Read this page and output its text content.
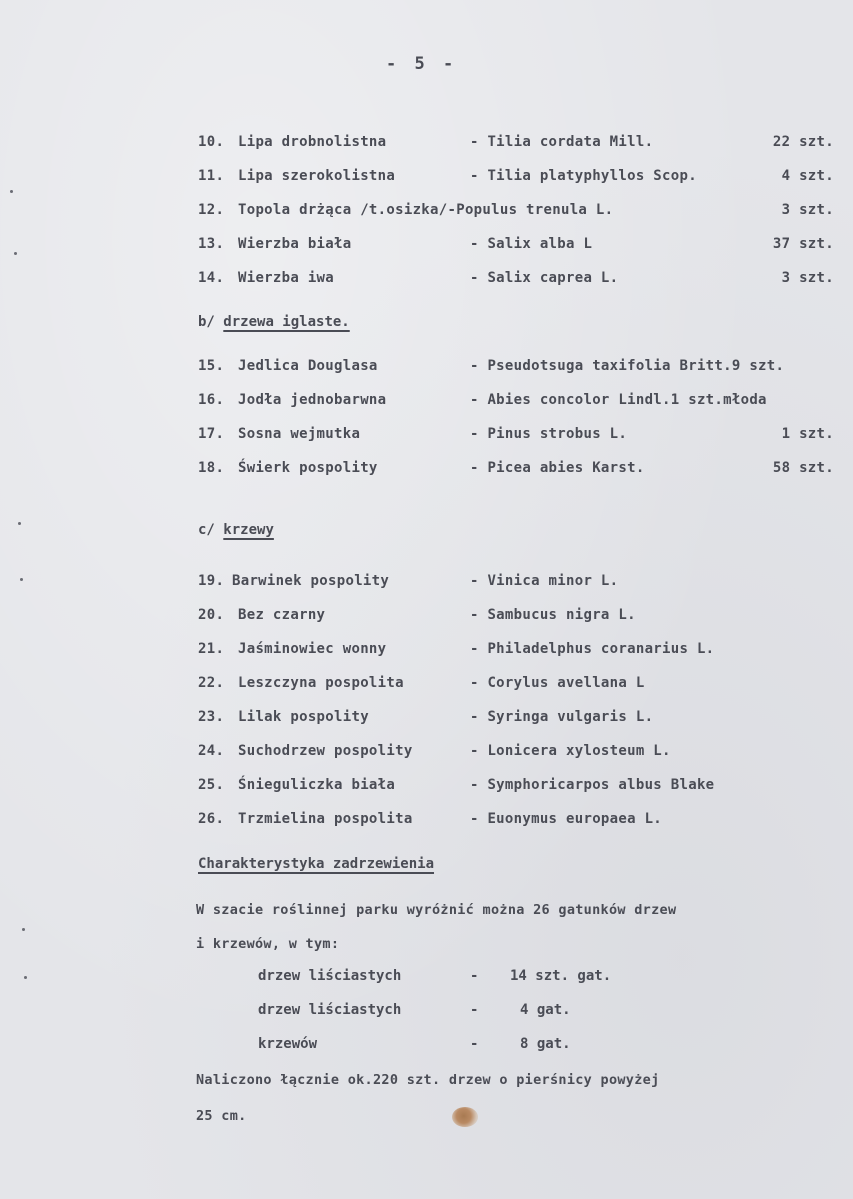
- 5 -
10. Lipa drobnolistna	- Tilia cordata Mill.	22 szt.
11. Lipa szerokolistna	- Tilia platyphyllos Scop.	4 szt.
12. Topola drżąca /t.osizka/-Populus trenula L.	3 szt.
13. Wierzba biała	- Salix alba L	37 szt.
14. Wierzba iwa	- Salix caprea L.	3 szt.
b/ drzewa iglaste.
15. Jedlica Douglasa	- Pseudotsuga taxifolia Britt.9 szt.
16. Jodła jednobarwna	- Abies concolor Lindl.1 szt.młoda
17. Sosna wejmutka	- Pinus strobus L.	1 szt.
18. Świerk pospolity	- Picea abies Karst.	58 szt.
c/ krzewy
19. Barwinek pospolity	- Vinica minor L.
20. Bez czarny	- Sambucus nigra L.
21. Jaśminowiec wonny	- Philadelphus coranarius L.
22. Leszczyna pospolita	- Corylus avellana L
23. Lilak pospolity	- Syringa vulgaris L.
24. Suchodrzew pospolity	- Lonicera xylosteum L.
25. Śnieguliczka biała	- Symphoricarpos albus Blake
26. Trzmielina pospolita	- Euonymus europaea L.
Charakterystyka zadrzewienia
W szacie roślinnej parku wyróżnić można 26 gatunków drzew
i krzewów, w tym:
drzew liściastych	- 14 szt. gat.
drzew liściastych	-	4 gat.
krzewów	-	8 gat.
Naliczono łącznie ok.220 szt. drzew o pierśnicy powyżej
25 cm.
